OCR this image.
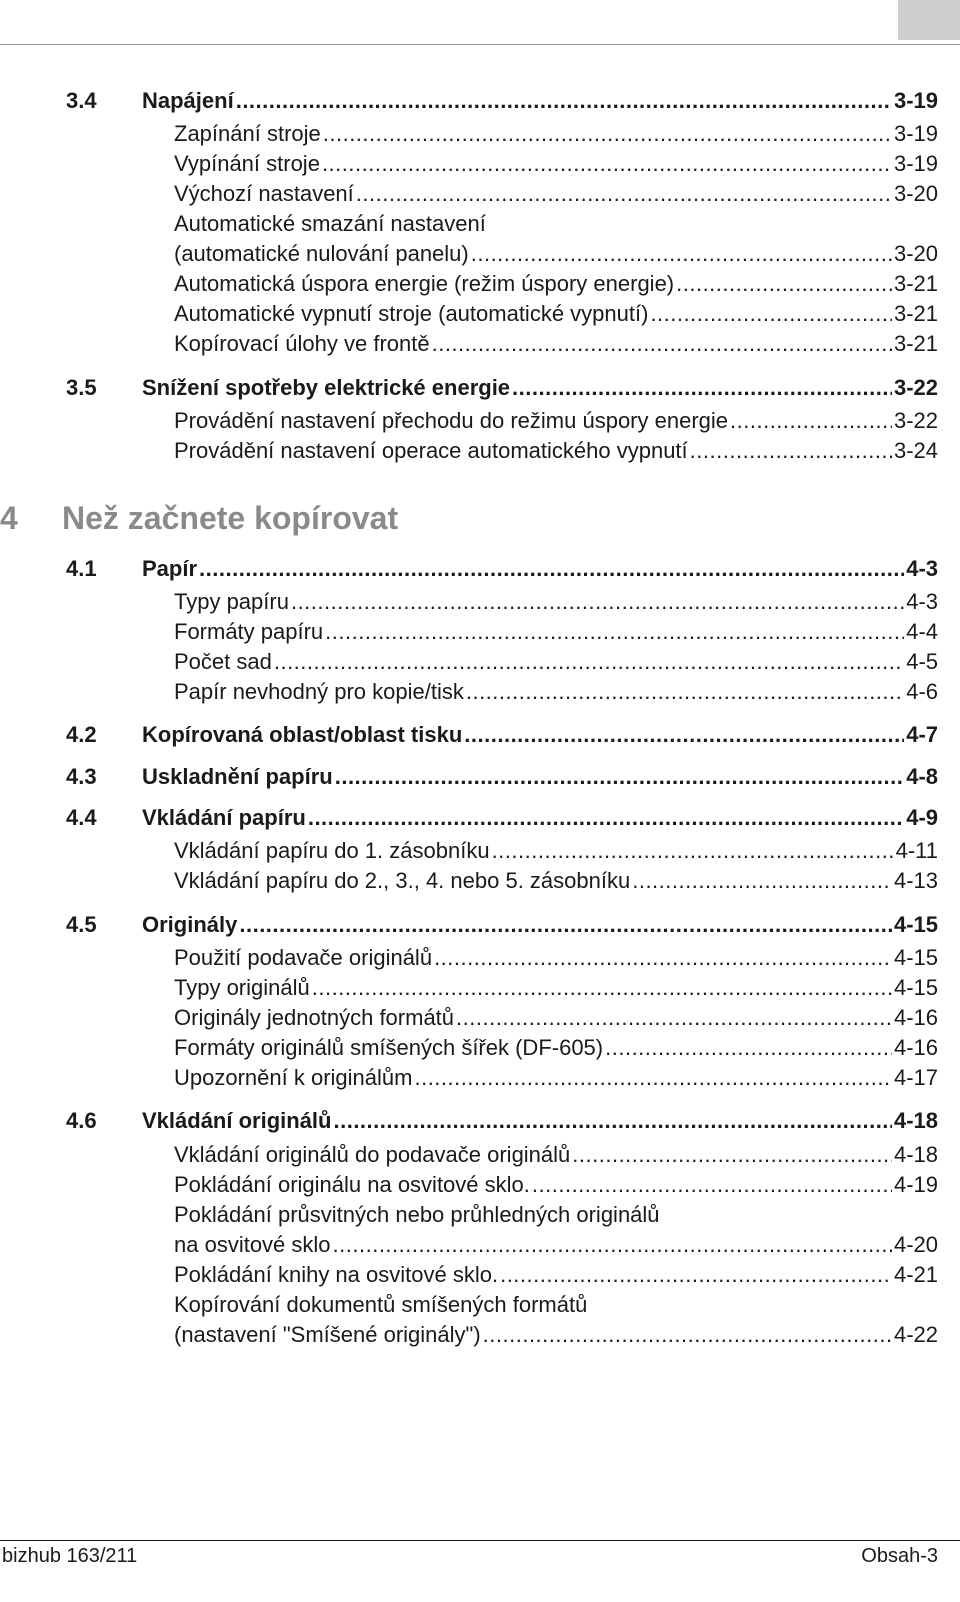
3.4	Napájení .....	3-19
Zapínání stroje .....	3-19
Vypínání stroje .....	3-19
Výchozí nastavení .....	3-20
Automatické smazání nastavení
(automatické nulování panelu) .....	3-20
Automatická úspora energie (režim úspory energie) .....	3-21
Automatické vypnutí stroje (automatické vypnutí) .....	3-21
Kopírovací úlohy ve frontě .....	3-21
3.5	Snížení spotřeby elektrické energie .....	3-22
Provádění nastavení přechodu do režimu úspory energie .....	3-22
Provádění nastavení operace automatického vypnutí .....	3-24
4 Než začnete kopírovat
4.1	Papír .....	4-3
Typy papíru .....	4-3
Formáty papíru .....	4-4
Počet sad .....	4-5
Papír nevhodný pro kopie/tisk .....	4-6
4.2	Kopírovaná oblast/oblast tisku .....	4-7
4.3	Uskladnění papíru .....	4-8
4.4	Vkládání papíru .....	4-9
Vkládání papíru do 1. zásobníku .....	4-11
Vkládání papíru do 2., 3., 4. nebo 5. zásobníku .....	4-13
4.5	Originály .....	4-15
Použití podavače originálů .....	4-15
Typy originálů .....	4-15
Originály jednotných formátů .....	4-16
Formáty originálů smíšených šířek (DF-605) .....	4-16
Upozornění k originálům .....	4-17
4.6	Vkládání originálů .....	4-18
Vkládání originálů do podavače originálů .....	4-18
Pokládání originálu na osvitové sklo. .....	4-19
Pokládání průsvitných nebo průhledných originálů
na osvitové sklo .....	4-20
Pokládání knihy na osvitové sklo. .....	4-21
Kopírování dokumentů smíšených formátů
(nastavení "Smíšené originály") .....	4-22
bizhub 163/211	Obsah-3
